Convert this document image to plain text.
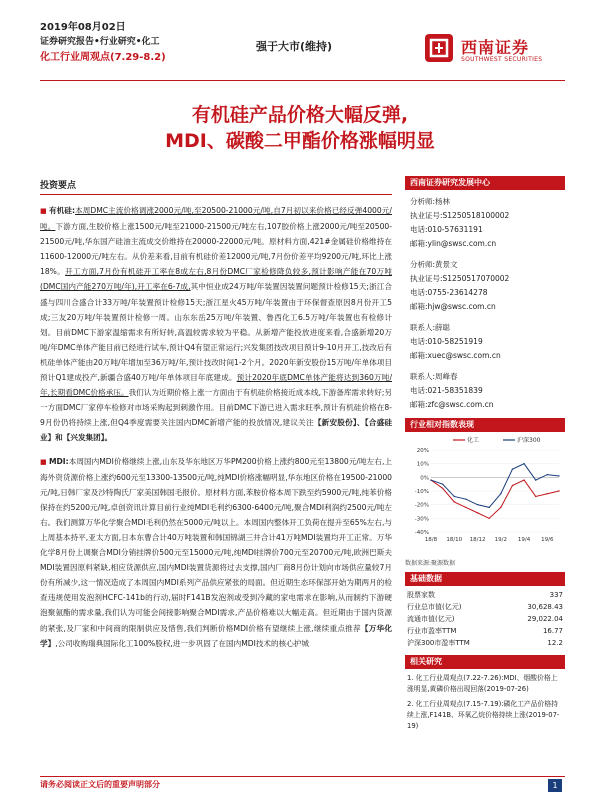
2019年08月02日
证券研究报告•行业研究•化工
化工行业周观点(7.29-8.2)
强于大市(维持)	西南证券
SOUTHWEST SECURITIES
有机硅产品价格大幅反弹,
MDI、碳酸二甲酯价格涨幅明显
投资要点
■ 有机硅:本周DMC主流价格调涨2000元/吨,至20500-21000元/吨,自7月初以来价格已经反弹4000元/吨。下游方面,生胶价格上涨1500元/吨至21000-21500元/吨左右,107胶价格上涨2000元/吨至20500-21500元/吨,华东国产硅油主流成交价维持在20000-22000元/吨。原材料方面,421#金属硅价格维持在11600-12000元/吨左右。从价差来看,目前有机硅价差12000元/吨,7月份价差平均9200元/吨,环比上涨18%。开工方面,7月份有机硅开工率在8成左右,8月份DMC厂家检修降负较多,预计影响产能在70万吨(DMC国内产能270万吨/年),开工率在6-7成,其中恒业成24万吨/年装置因装置问题预计检修15天;浙江合盛与四川合盛合计33万吨/年装置预计检修15天;浙江星火45万吨/年装置由于环保督查原因8月份开工5成;三友20万吨/年装置预计检修一周。山东东岳25万吨/年装置、鲁西化工6.5万吨/年装置也有检修计划。目前DMC下游家温缩需求有所好转,高温较需求较为平稳。从新增产能投放进度来看,合盛新增20万吨/年DMC单体产能目前已经进行试车,预计Q4有望正常运行;兴发集团技改项目预计9-10月开工,技改后有机硅单体产能由20万吨/年增加至36万吨/年,预计技改时间1-2个月。2020年新安股份15万吨/年单体项目预计Q1建成投产,新疆合盛40万吨/年单体项目年底建成。预计2020年底DMC单体产能将达到360万吨/年,长期看DMC价格承压。我们认为近期价格上涨一方面由于有机硅价格接近成本线,下游备库需求转好;另一方面DMC厂家停车检修对市场采购起到刺激作用。目前DMC下游已进入需求旺季,预计有机硅价格在8-9月份仍将持续上涨,但Q4季度需要关注国内DMC新增产能的投放情况,建议关注【新安股份】、【合盛硅业】和【兴发集团】。
■ MDI:本周国内MDI价格继续上涨,山东及华东地区万华PM200价格上涨约800元至13800元/吨左右,上海外资货源价格上涨约600元至13300-13500元/吨,纯MDI价格涨幅明显,华东地区价格在19500-21000元/吨,日韩厂家及沙特陶氏厂家美国韩国毛报价。原材料方面,苯胺价格本周下跌至约5900元/吨,纯苯价格保持在约5200元/吨,卓创资讯计算目前行业纯MDI毛利约6300-6400元/吨,聚合MDI利润约2500元/吨左右。我们测算万华化学聚合MDI毛利仍然在5000元/吨以上。本周国内整体开工负荷在提升至65%左右,与上周基本持平,亚太方面,日本东曹合计40万吨装置和韩国锦湖三井合计41万吨MDI装置均开工正常。万华化学8月份上调聚合MDI分销挂牌价500元至15000元/吨,纯MDI挂牌价700元至20700元/吨,欧洲巴斯夫MDI装置因原料紧缺,相应货源供应,国内MDI装置货源将过去支撑,国内厂商8月份计划向市场供应量较7月份有所减少,这一情况造成了本周国内MDI系列产品供应紧张的局面。但近期生态环保部开始为期两月的检查违规使用发泡剂HCFC-141b的行动,届时F141B发泡剂或受到冷藏的家电需求在影响,从而制约下游硬泡聚氨酯的需求量,我们认为可能会间接影响聚合MDI需求,产品价格难以大幅走高。但近期由于国内货源的紧张,及厂家和中间商的限制供应及惜售,我们判断价格MDI价格有望继续上涨,继续重点推荐【万华化学】,公司收购瑞典国际化工100%股权,进一步巩固了在国内MDI技术的核心护城
西南证券研究发展中心
分析师:杨林
执业证号:S1250518100002
电话:010-57631191
邮箱:ylin@swsc.com.cn
分析师:黄景文
执业证号:S1250517070002
电话:0755-23614278
邮箱:hjw@swsc.com.cn
联系人:薛聪
电话:010-58251919
邮箱:xuec@swsc.com.cn
联系人:周峰春
电话:021-58351839
邮箱:zfc@swsc.com.cn
行业相对指数表现
20%
10%
0%
-10%
-20%
-30%
-40%
18/8 18/10 18/12 19/2 19/4 19/6
化工	沪深300
数据来源:聚源数据
基础数据
股票家数	337
行业总市值(亿元)	30,628.43
流通市值(亿元)	29,022.04
行业市盈率TTM	16.77
沪深300市盈率TTM	12.2
相关研究
1. 化工行业周观点(7.22-7.26):MDI、烟酸价格上涨明显,黄磷价格出现回落(2019-07-26)
2. 化工行业周观点(7.15-7.19):磷化工产品价格持续上涨,F141B、环氧乙烷价格持续上涨(2019-07-19)
请务必阅读正文后的重要声明部分	1
